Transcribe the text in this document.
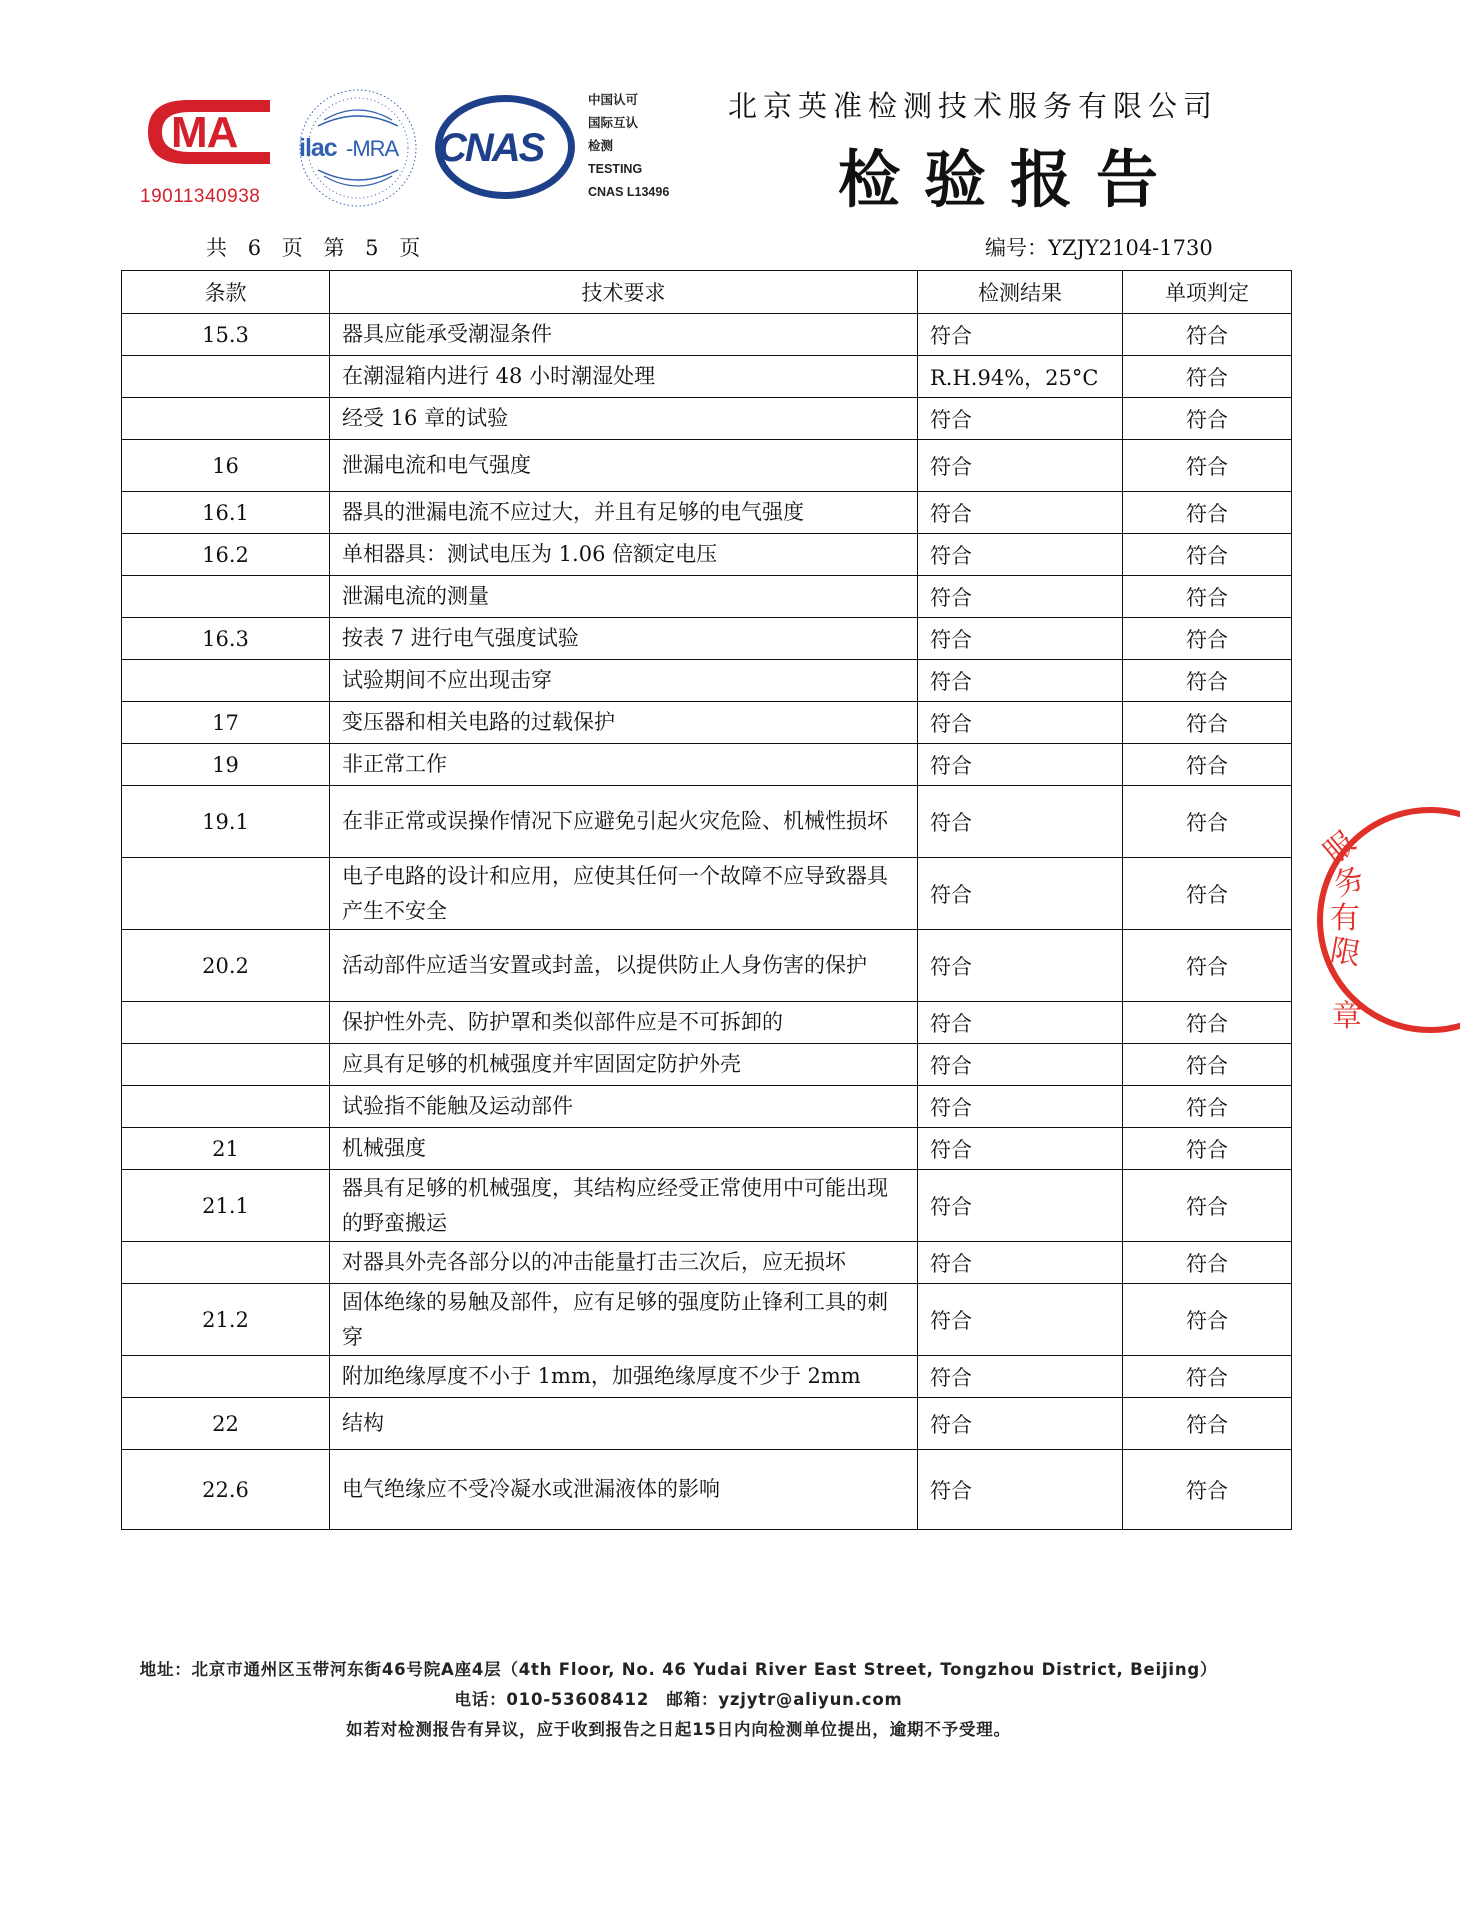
MA
19011340938
ilac -MRA CNAS
中国认可
国际互认
检测
TESTING
CNAS L13496
北京英准检测技术服务有限公司
检验报告
共 6 页 第 5 页	编号：YZJY2104-1730
条款	技术要求	检测结果	单项判定
15.3	器具应能承受潮湿条件	符合	符合
	在潮湿箱内进行 48 小时潮湿处理	R.H.94%，25°C	符合
	经受 16 章的试验	符合	符合
16	泄漏电流和电气强度	符合	符合
16.1	器具的泄漏电流不应过大，并且有足够的电气强度	符合	符合
16.2	单相器具：测试电压为 1.06 倍额定电压	符合	符合
	泄漏电流的测量	符合	符合
16.3	按表 7 进行电气强度试验	符合	符合
	试验期间不应出现击穿	符合	符合
17	变压器和相关电路的过载保护	符合	符合
19	非正常工作	符合	符合
19.1	在非正常或误操作情况下应避免引起火灾危险、机械性损坏	符合	符合
	电子电路的设计和应用，应使其任何一个故障不应导致器具产生不安全	符合	符合
20.2	活动部件应适当安置或封盖，以提供防止人身伤害的保护	符合	符合
	保护性外壳、防护罩和类似部件应是不可拆卸的	符合	符合
	应具有足够的机械强度并牢固固定防护外壳	符合	符合
	试验指不能触及运动部件	符合	符合
21	机械强度	符合	符合
21.1	器具有足够的机械强度，其结构应经受正常使用中可能出现的野蛮搬运	符合	符合
	对器具外壳各部分以的冲击能量打击三次后，应无损坏	符合	符合
21.2	固体绝缘的易触及部件，应有足够的强度防止锋利工具的刺穿	符合	符合
	附加绝缘厚度不小于 1mm，加强绝缘厚度不少于 2mm	符合	符合
22	结构	符合	符合
22.6	电气绝缘应不受冷凝水或泄漏液体的影响	符合	符合
服
务
有
限
章
地址：北京市通州区玉带河东街46号院A座4层（4th Floor, No. 46 Yudai River East Street, Tongzhou District, Beijing）
电话：010-53608412　邮箱：yzjytr@aliyun.com
如若对检测报告有异议，应于收到报告之日起15日内向检测单位提出，逾期不予受理。
